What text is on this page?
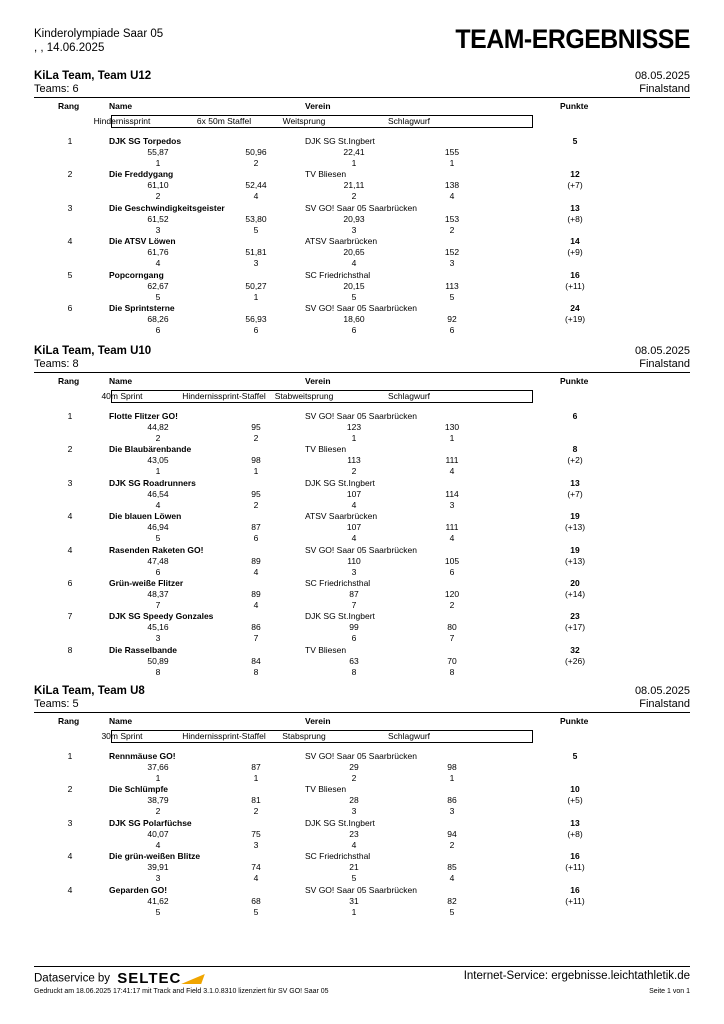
Kinderolympiade Saar 05
, , 14.06.2025	TEAM-ERGEBNISSE
KiLa Team, Team U12	08.05.2025
Teams: 6	Finalstand
Rang	Name	Verein	Punkte
Hindernissprint	6x 50m Staffel	Weitsprung	Schlagwurf
1	DJK SG Torpedos	DJK SG St.Ingbert	5
55,87	50,96	22,41	155
1	2	1	1
2	Die Freddygang	TV Bliesen	12
(+7)
61,10	52,44	21,11	138
2	4	2	4
3	Die Geschwindigkeitsgeister	SV GO! Saar 05 Saarbrücken	13
(+8)
61,52	53,80	20,93	153
3	5	3	2
4	Die ATSV Löwen	ATSV Saarbrücken	14
(+9)
61,76	51,81	20,65	152
4	3	4	3
5	Popcorngang	SC Friedrichsthal	16
(+11)
62,67	50,27	20,15	113
5	1	5	5
6	Die Sprintsterne	SV GO! Saar 05 Saarbrücken	24
(+19)
68,26	56,93	18,60	92
6	6	6	6
KiLa Team, Team U10	08.05.2025
Teams: 8	Finalstand
Rang	Name	Verein	Punkte
40m Sprint	Hindernissprint-Staffel	Stabweitsprung	Schlagwurf
1	Flotte Flitzer GO!	SV GO! Saar 05 Saarbrücken	6
44,82	95	123	130
2	2	1	1
2	Die Blaubärenbande	TV Bliesen	8
(+2)
43,05	98	113	111
1	1	2	4
3	DJK SG Roadrunners	DJK SG St.Ingbert	13
(+7)
46,54	95	107	114
4	2	4	3
4	Die blauen Löwen	ATSV Saarbrücken	19
(+13)
46,94	87	107	111
5	6	4	4
4	Rasenden Raketen GO!	SV GO! Saar 05 Saarbrücken	19
(+13)
47,48	89	110	105
6	4	3	6
6	Grün-weiße Flitzer	SC Friedrichsthal	20
(+14)
48,37	89	87	120
7	4	7	2
7	DJK SG Speedy Gonzales	DJK SG St.Ingbert	23
(+17)
45,16	86	99	80
3	7	6	7
8	Die Rasselbande	TV Bliesen	32
(+26)
50,89	84	63	70
8	8	8	8
KiLa Team, Team U8	08.05.2025
Teams: 5	Finalstand
Rang	Name	Verein	Punkte
30m Sprint	Hindernissprint-Staffel	Stabsprung	Schlagwurf
1	Rennmäuse GO!	SV GO! Saar 05 Saarbrücken	5
37,66	87	29	98
1	1	2	1
2	Die Schlümpfe	TV Bliesen	10
(+5)
38,79	81	28	86
2	2	3	3
3	DJK SG Polarfüchse	DJK SG St.Ingbert	13
(+8)
40,07	75	23	94
4	3	4	2
4	Die grün-weißen Blitze	SC Friedrichsthal	16
(+11)
39,91	74	21	85
3	4	5	4
4	Geparden GO!	SV GO! Saar 05 Saarbrücken	16
(+11)
41,62	68	31	82
5	5	1	5
Dataservice by SELTEC	Internet-Service: ergebnisse.leichtathletik.de
Gedruckt am 18.06.2025 17:41:17 mit Track and Field 3.1.0.8310 lizenziert für SV GO! Saar 05	Seite 1 von 1
